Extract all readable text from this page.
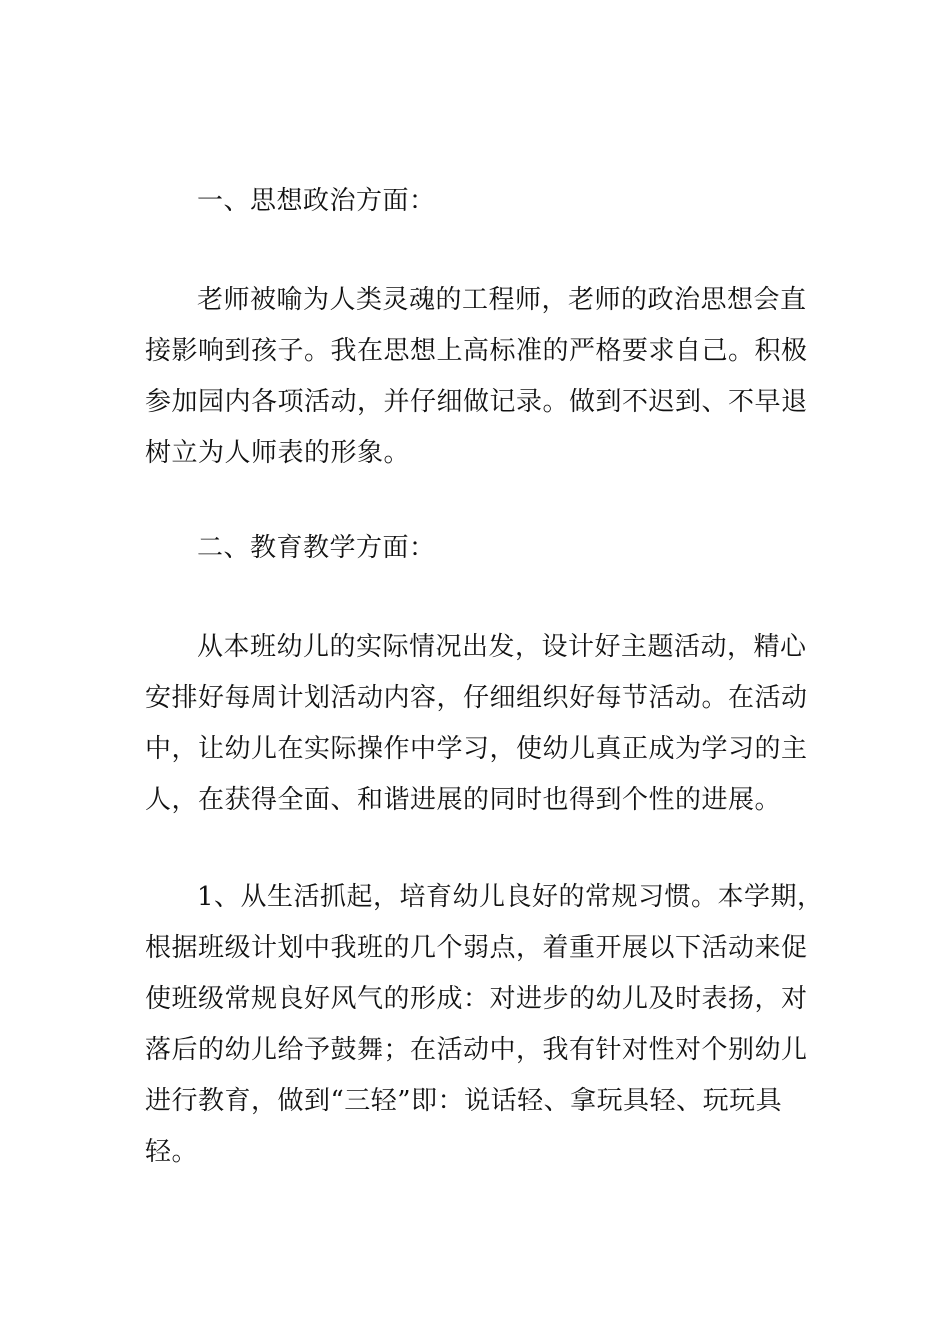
一、思想政治方面：
老师被喻为人类灵魂的工程师，老师的政治思想会直
接影响到孩子。我在思想上高标准的严格要求自己。积极
参加园内各项活动，并仔细做记录。做到不迟到、不早退
树立为人师表的形象。
二、教育教学方面：
从本班幼儿的实际情况出发，设计好主题活动，精心
安排好每周计划活动内容，仔细组织好每节活动。在活动
中，让幼儿在实际操作中学习，使幼儿真正成为学习的主
人，在获得全面、和谐进展的同时也得到个性的进展。
1、从生活抓起，培育幼儿良好的常规习惯。本学期，
根据班级计划中我班的几个弱点，着重开展以下活动来促
使班级常规良好风气的形成：对进步的幼儿及时表扬，对
落后的幼儿给予鼓舞；在活动中，我有针对性对个别幼儿
进行教育，做到“三轻”即：说话轻、拿玩具轻、玩玩具
轻。
